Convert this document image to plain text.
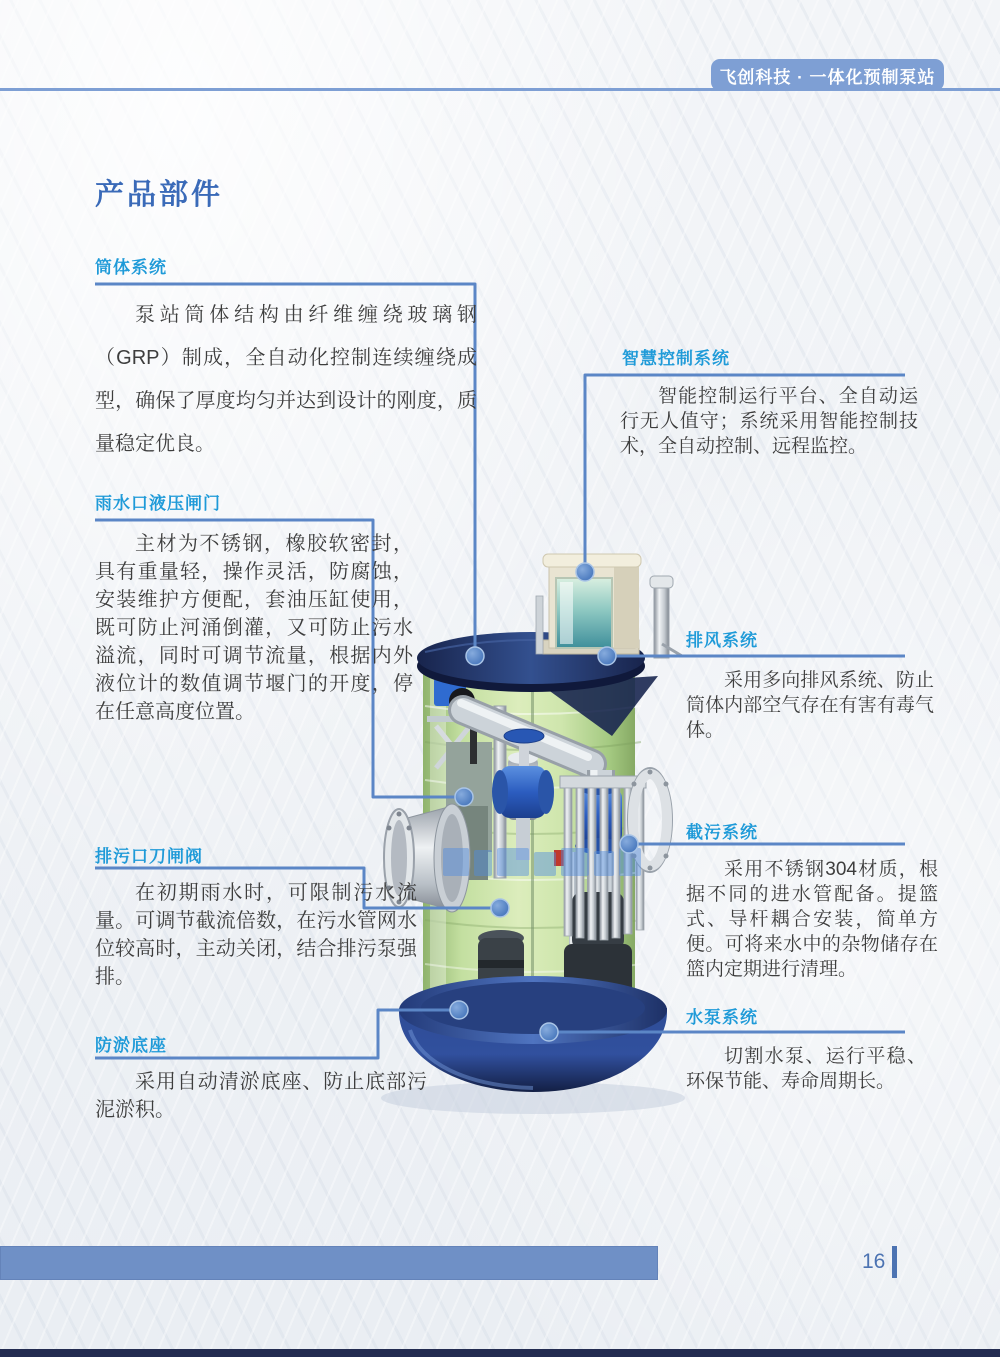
飞创科技 · 一体化预制泵站
产品部件
筒体系统
泵站筒体结构由纤维缠绕玻璃钢（GRP）制成，全自动化控制连续缠绕成型，确保了厚度均匀并达到设计的刚度，质量稳定优良。
雨水口液压闸门
主材为不锈钢，橡胶软密封，具有重量轻，操作灵活，防腐蚀，安装维护方便配，套油压缸使用，既可防止河涌倒灌，又可防止污水溢流，同时可调节流量，根据内外液位计的数值调节堰门的开度，停在任意高度位置。
排污口刀闸阀
在初期雨水时，可限制污水流量。可调节截流倍数，在污水管网水位较高时，主动关闭，结合排污泵强排。
防淤底座
采用自动清淤底座、防止底部污泥淤积。
智慧控制系统
智能控制运行平台、全自动运行无人值守；系统采用智能控制技术，全自动控制、远程监控。
排风系统
采用多向排风系统、防止筒体内部空气存在有害有毒气体。
截污系统
采用不锈钢304材质，根据不同的进水管配备。提篮式、导杆耦合安装，简单方便。可将来水中的杂物储存在篮内定期进行清理。
水泵系统
切割水泵、运行平稳、环保节能、寿命周期长。
16
